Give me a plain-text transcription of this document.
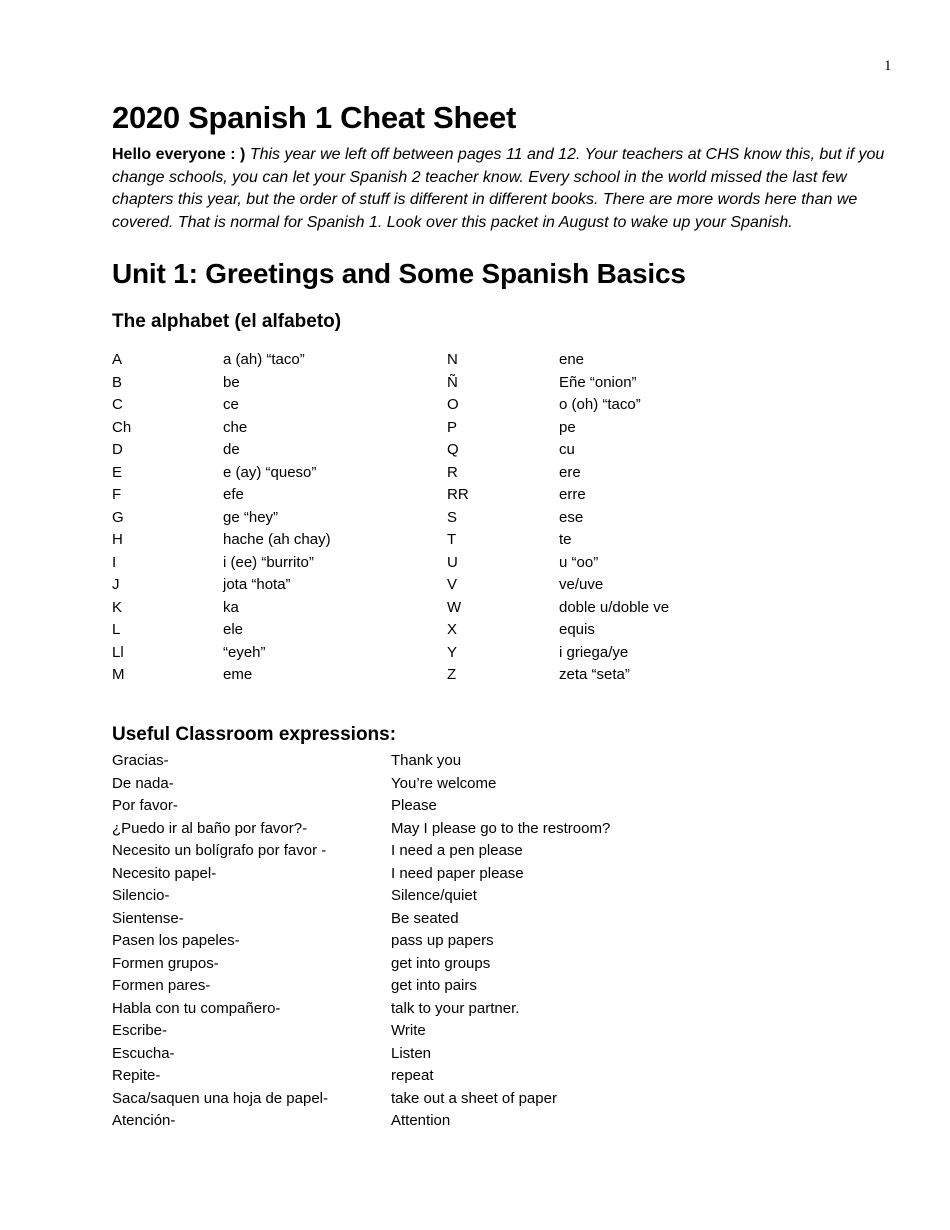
1
2020 Spanish 1 Cheat Sheet
Hello everyone : ) This year we left off between pages 11 and 12. Your teachers at CHS know this, but if you change schools, you can let your Spanish 2 teacher know. Every school in the world missed the last few chapters this year, but the order of stuff is different in different books. There are more words here than we covered. That is normal for Spanish 1. Look over this packet in August to wake up your Spanish.
Unit 1: Greetings and Some Spanish Basics
The alphabet (el alfabeto)
A	a (ah) “taco”	N	ene
B	be	Ñ	Eñe “onion”
C	ce	O	o (oh) “taco”
Ch	che	P	pe
D	de	Q	cu
E	e (ay) “queso”	R	ere
F	efe	RR	erre
G	ge “hey”	S	ese
H	hache (ah chay)	T	te
I	i (ee) “burrito”	U	u “oo”
J	jota “hota”	V	ve/uve
K	ka	W	doble u/doble ve
L	ele	X	equis
Ll	“eyeh”	Y	i griega/ye
M	eme	Z	zeta “seta”
Useful Classroom expressions:
Gracias-	Thank you
De nada-	You’re welcome
Por favor-	Please
¿Puedo ir al baño por favor?-	May I please go to the restroom?
Necesito un bolígrafo por favor -	I need a pen please
Necesito papel-	I need paper please
Silencio-	Silence/quiet
Sientense-	Be seated
Pasen los papeles-	pass up papers
Formen grupos-	get into groups
Formen pares-	get into pairs
Habla con tu compañero-	talk to your partner.
Escribe-	Write
Escucha-	Listen
Repite-	repeat
Saca/saquen una hoja de papel-	take out a sheet of paper
Atención-	Attention
